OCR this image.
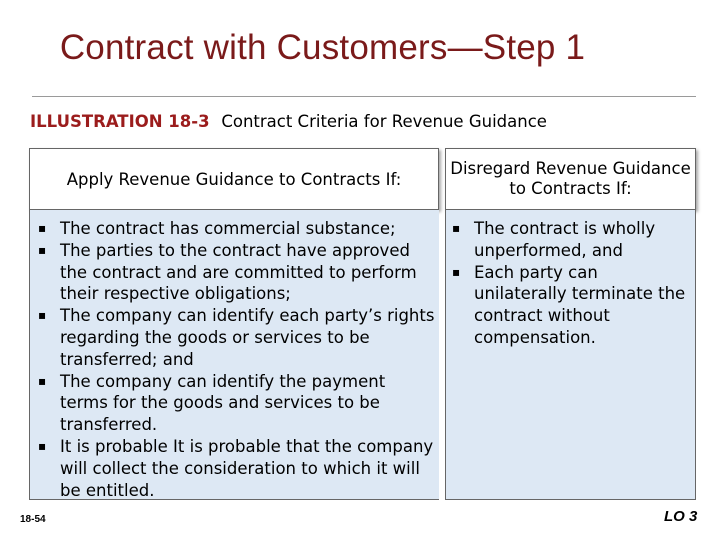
Contract with Customers—Step 1
ILLUSTRATION 18-3 Contract Criteria for Revenue Guidance
Apply Revenue Guidance to Contracts If:
Disregard Revenue Guidance to Contracts If:
▪ The contract has commercial substance;
▪ The parties to the contract have approved the contract and are committed to perform their respective obligations;
▪ The company can identify each party’s rights regarding the goods or services to be transferred; and
▪ The company can identify the payment terms for the goods and services to be transferred.
▪ It is probable It is probable that the company will collect the consideration to which it will be entitled.
▪ The contract is wholly unperformed, and
▪ Each party can unilaterally terminate the contract without compensation.
18-54	LO 3
